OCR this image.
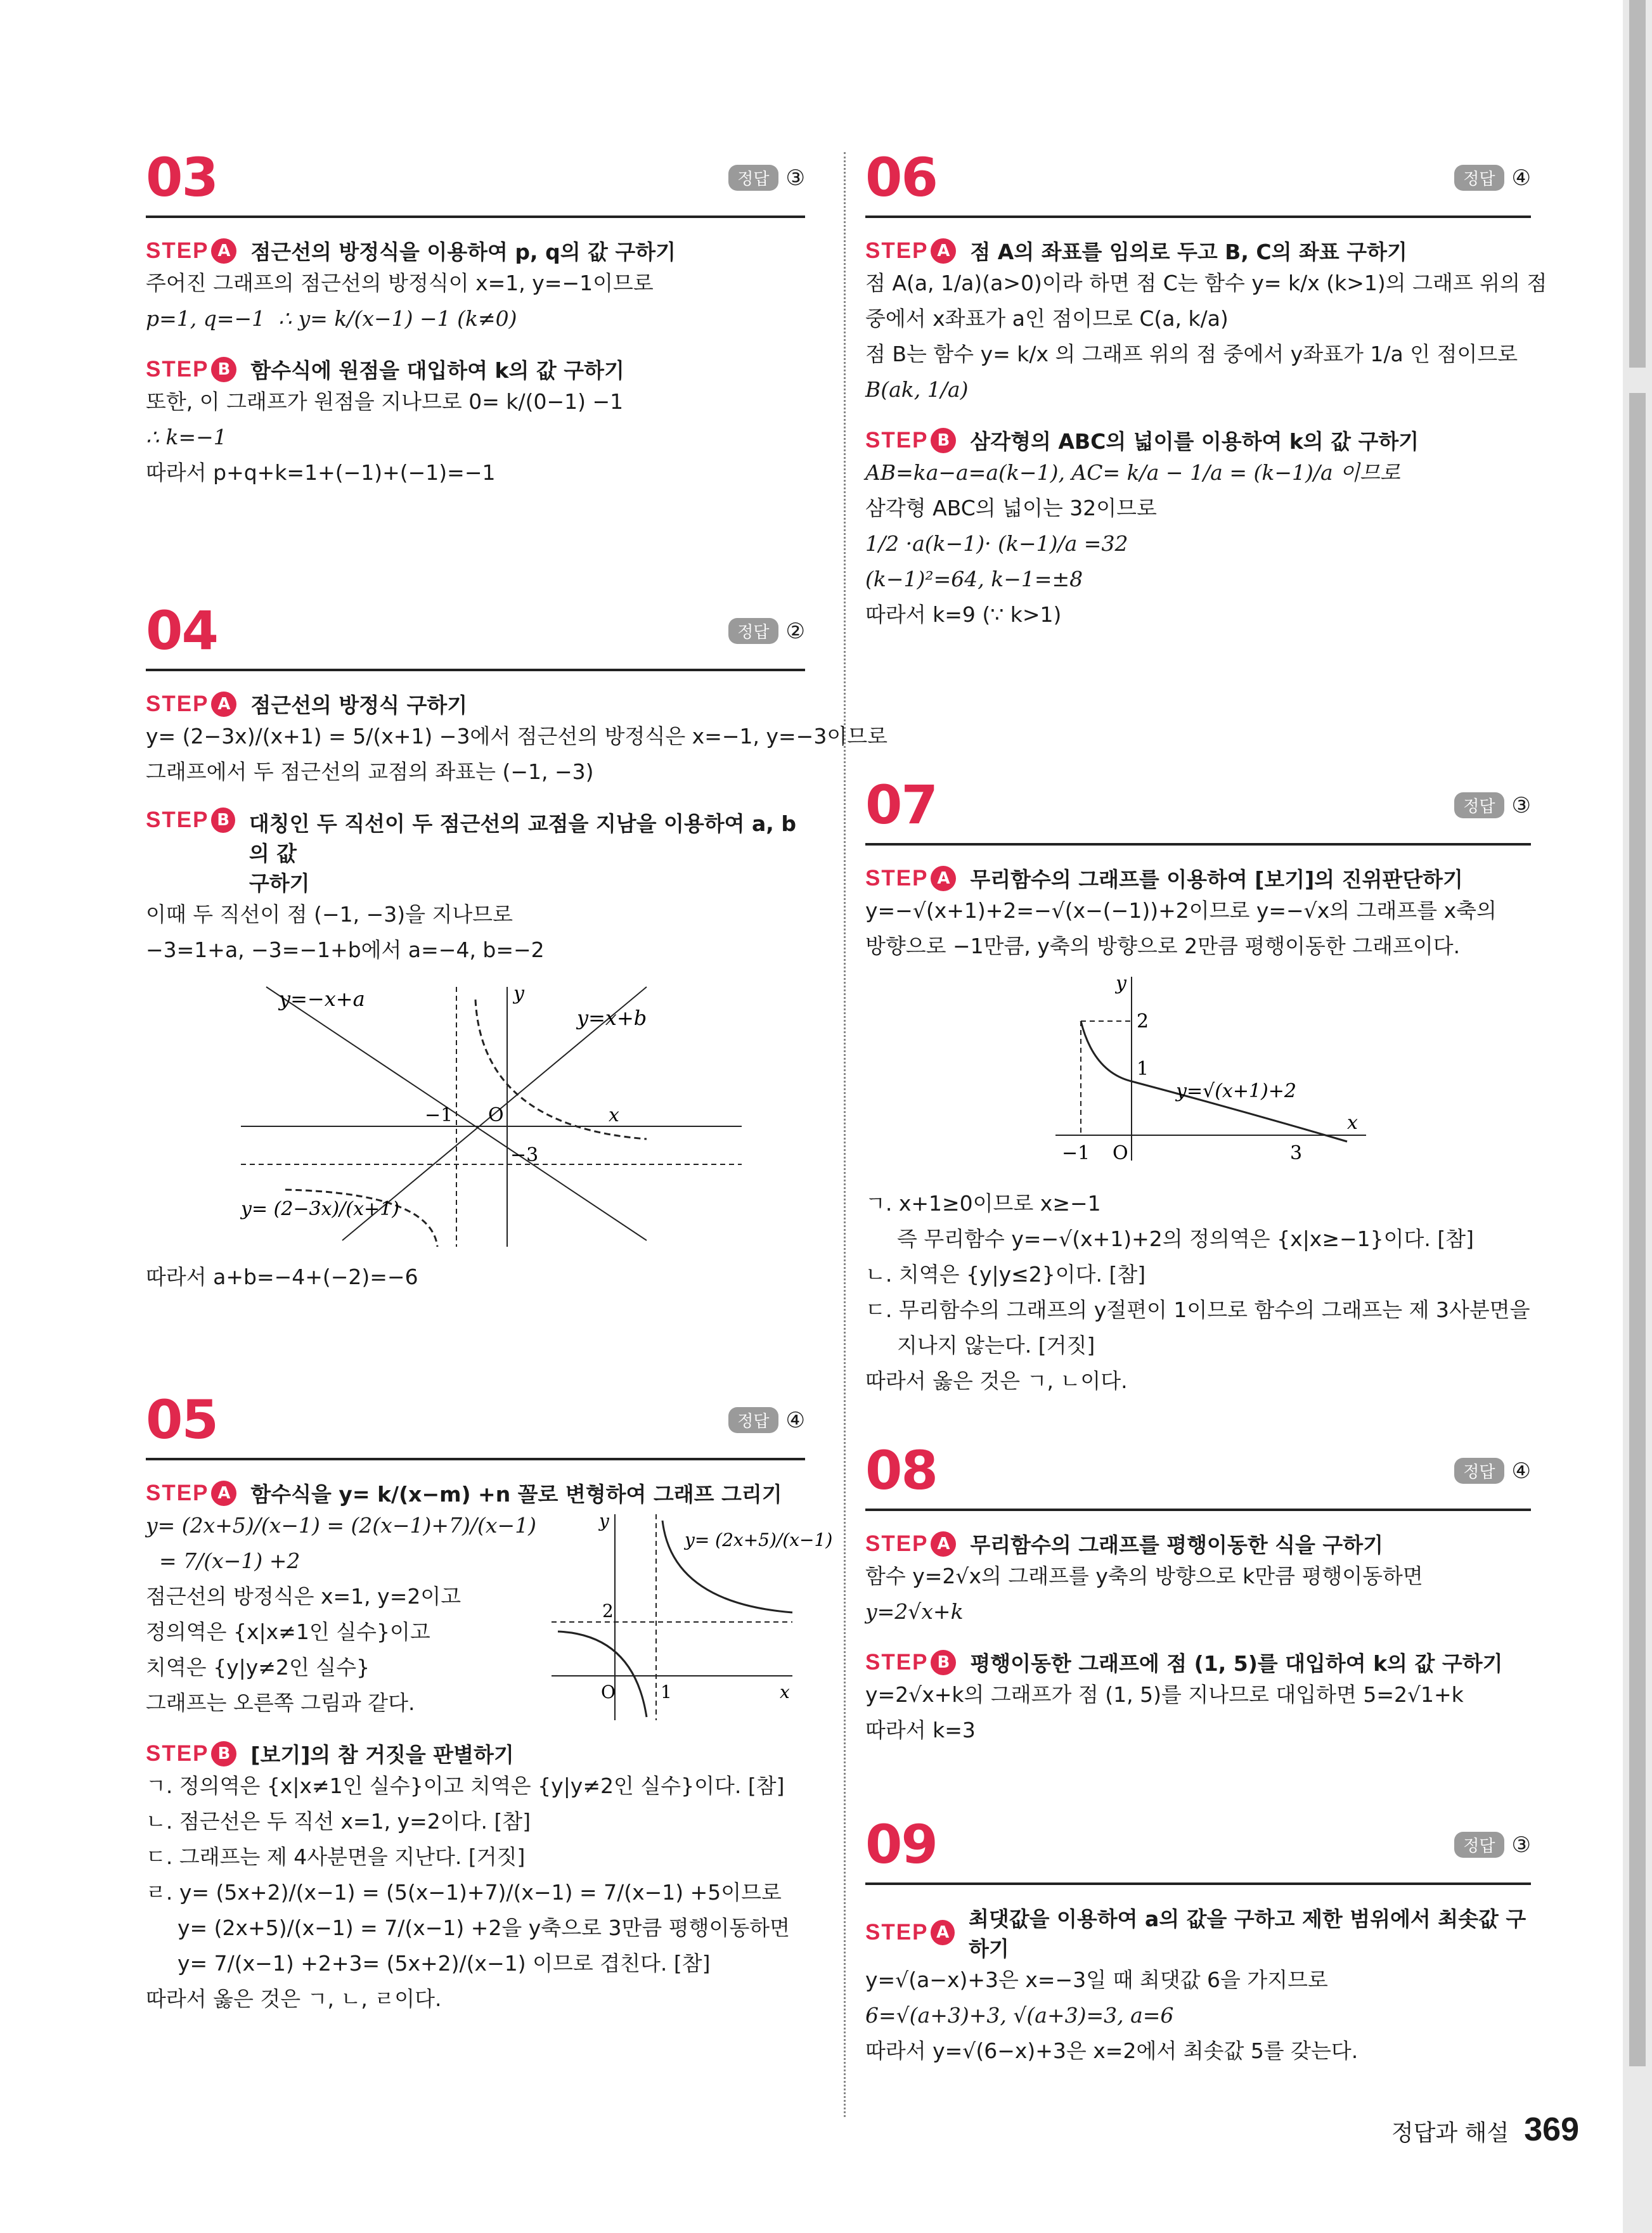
03	정답 ③
STEP A 점근선의 방정식을 이용하여 p, q의 값 구하기
주어진 그래프의 점근선의 방정식이 x=1, y=−1이므로
p=1, q=−1  ∴ y= k/(x−1) −1 (k≠0)
STEP B 함수식에 원점을 대입하여 k의 값 구하기
또한, 이 그래프가 원점을 지나므로 0= k/(0−1) −1
∴ k=−1
따라서 p+q+k=1+(−1)+(−1)=−1
04	정답 ②
STEP A 점근선의 방정식 구하기
y= (2−3x)/(x+1) = 5/(x+1) −3에서 점근선의 방정식은 x=−1, y=−3이므로
그래프에서 두 점근선의 교점의 좌표는 (−1, −3)
STEP B 대칭인 두 직선이 두 점근선의 교점을 지남을 이용하여 a, b의 값
구하기
이때 두 직선이 점 (−1, −3)을 지나므로
−3=1+a, −3=−1+b에서 a=−4, b=−2
y=−x+a
y=x+b
y= (2−3x)/(x+1)
−1 O
−3
x
y
따라서 a+b=−4+(−2)=−6
05	정답 ④
STEP A 함수식을 y= k/(x−m) +n 꼴로 변형하여 그래프 그리기
y= (2x+5)/(x−1) = (2(x−1)+7)/(x−1)
= 7/(x−1) +2
점근선의 방정식은 x=1, y=2이고
정의역은 {x|x≠1인 실수}이고
치역은 {y|y≠2인 실수}
그래프는 오른쪽 그림과 같다.
y= (2x+5)/(x−1)
2
1
O	x
y
STEP B [보기]의 참 거짓을 판별하기
ㄱ. 정의역은 {x|x≠1인 실수}이고 치역은 {y|y≠2인 실수}이다. [참]
ㄴ. 점근선은 두 직선 x=1, y=2이다. [참]
ㄷ. 그래프는 제 4사분면을 지난다. [거짓]
ㄹ. y= (5x+2)/(x−1) = (5(x−1)+7)/(x−1) = 7/(x−1) +5이므로
y= (2x+5)/(x−1) = 7/(x−1) +2을 y축으로 3만큼 평행이동하면
y= 7/(x−1) +2+3= (5x+2)/(x−1) 이므로 겹친다. [참]
따라서 옳은 것은 ㄱ, ㄴ, ㄹ이다.
06	정답 ④
STEP A 점 A의 좌표를 임의로 두고 B, C의 좌표 구하기
점 A(a, 1/a)(a>0)이라 하면 점 C는 함수 y= k/x (k>1)의 그래프 위의 점
중에서 x좌표가 a인 점이므로 C(a, k/a)
점 B는 함수 y= k/x 의 그래프 위의 점 중에서 y좌표가 1/a 인 점이므로
B(ak, 1/a)
STEP B 삼각형의 ABC의 넓이를 이용하여 k의 값 구하기
AB=ka−a=a(k−1), AC= k/a − 1/a = (k−1)/a 이므로
삼각형 ABC의 넓이는 32이므로
1/2 ·a(k−1)· (k−1)/a =32
(k−1)²=64, k−1=±8
따라서 k=9 (∵ k>1)
07	정답 ③
STEP A 무리함수의 그래프를 이용하여 [보기]의 진위판단하기
y=−√(x+1)+2=−√(x−(−1))+2이므로 y=−√x의 그래프를 x축의
방향으로 −1만큼, y축의 방향으로 2만큼 평행이동한 그래프이다.
y=√(x+1)+2
−1 O	3
1
2
x
y
ㄱ. x+1≥0이므로 x≥−1
즉 무리함수 y=−√(x+1)+2의 정의역은 {x|x≥−1}이다. [참]
ㄴ. 치역은 {y|y≤2}이다. [참]
ㄷ. 무리함수의 그래프의 y절편이 1이므로 함수의 그래프는 제 3사분면을
지나지 않는다. [거짓]
따라서 옳은 것은 ㄱ, ㄴ이다.
08	정답 ④
STEP A 무리함수의 그래프를 평행이동한 식을 구하기
함수 y=2√x의 그래프를 y축의 방향으로 k만큼 평행이동하면
y=2√x+k
STEP B 평행이동한 그래프에 점 (1, 5)를 대입하여 k의 값 구하기
y=2√x+k의 그래프가 점 (1, 5)를 지나므로 대입하면 5=2√1+k
따라서 k=3
09	정답 ③
STEP A
최댓값을 이용하여 a의 값을 구하고 제한 범위에서 최솟값 구하기
y=√(a−x)+3은 x=−3일 때 최댓값 6을 가지므로
6=√(a+3)+3, √(a+3)=3, a=6
따라서 y=√(6−x)+3은 x=2에서 최솟값 5를 갖는다.
정답과 해설 369
